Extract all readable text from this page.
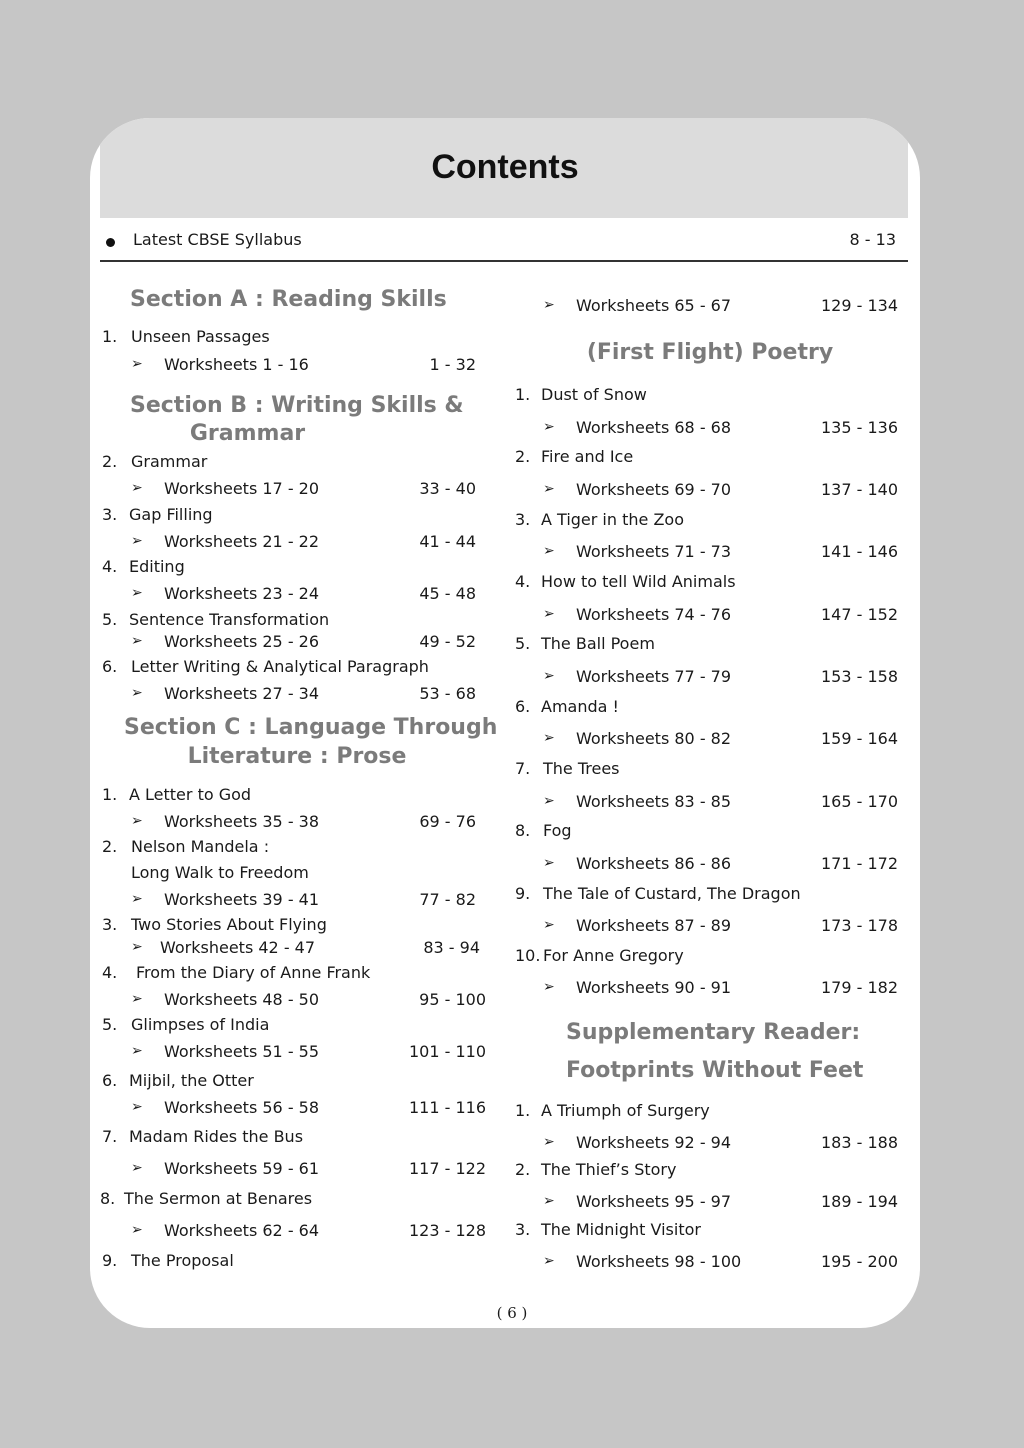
Contents
Latest CBSE Syllabus	8 - 13
Section A : Reading Skills
1. Unseen Passages
➢ Worksheets 1 - 16	1 - 32
Section B : Writing Skills &
Grammar
2. Grammar
➢ Worksheets 17 - 20	33 - 40
3. Gap Filling
➢ Worksheets 21 - 22	41 - 44
4. Editing
➢ Worksheets 23 - 24	45 - 48
5. Sentence Transformation
➢ Worksheets 25 - 26	49 - 52
6. Letter Writing & Analytical Paragraph
➢ Worksheets 27 - 34	53 - 68
Section C : Language Through
Literature : Prose
1. A Letter to God
➢ Worksheets 35 - 38	69 - 76
2. Nelson Mandela :
Long Walk to Freedom
➢ Worksheets 39 - 41	77 - 82
3. Two Stories About Flying
➢ Worksheets 42 - 47	83 - 94
4. From the Diary of Anne Frank
➢ Worksheets 48 - 50	95 - 100
5. Glimpses of India
➢ Worksheets 51 - 55	101 - 110
6. Mijbil, the Otter
➢ Worksheets 56 - 58	111 - 116
7. Madam Rides the Bus
➢ Worksheets 59 - 61	117 - 122
8. The Sermon at Benares
➢ Worksheets 62 - 64	123 - 128
9. The Proposal
➢ Worksheets 65 - 67	129 - 134
(First Flight) Poetry
1. Dust of Snow
➢ Worksheets 68 - 68	135 - 136
2. Fire and Ice
➢ Worksheets 69 - 70	137 - 140
3. A Tiger in the Zoo
➢ Worksheets 71 - 73	141 - 146
4. How to tell Wild Animals
➢ Worksheets 74 - 76	147 - 152
5. The Ball Poem
➢ Worksheets 77 - 79	153 - 158
6. Amanda !
➢ Worksheets 80 - 82	159 - 164
7. The Trees
➢ Worksheets 83 - 85	165 - 170
8. Fog
➢ Worksheets 86 - 86	171 - 172
9. The Tale of Custard, The Dragon
➢ Worksheets 87 - 89	173 - 178
10. For Anne Gregory
➢ Worksheets 90 - 91	179 - 182
Supplementary Reader:
Footprints Without Feet
1. A Triumph of Surgery
➢ Worksheets 92 - 94	183 - 188
2. The Thief’s Story
➢ Worksheets 95 - 97	189 - 194
3. The Midnight Visitor
➢ Worksheets 98 - 100	195 - 200
( 6 )
